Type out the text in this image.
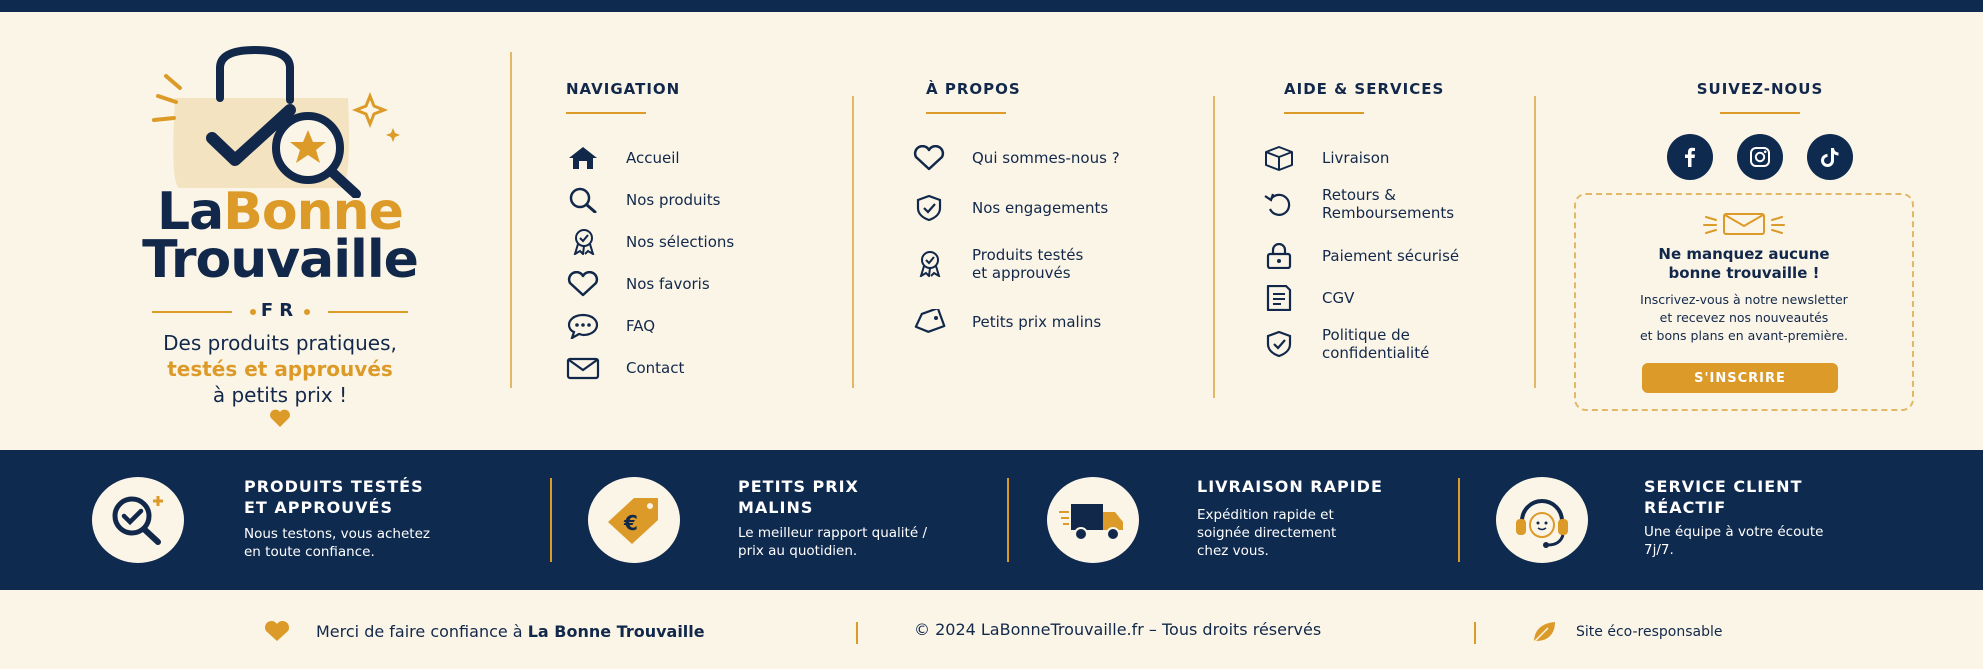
LaBonne
Trouvaille
FR
Des produits pratiques,
testés et approuvés
à petits prix !
NAVIGATION
Accueil
Nos produits
Nos sélections
Nos favoris
FAQ
Contact
À PROPOS
Qui sommes-nous ?
Nos engagements
Produits testés
et approuvés
Petits prix malins
AIDE & SERVICES
Livraison
Retours &
Remboursements
Paiement sécurisé
CGV
Politique de
confidentialité
SUIVEZ-NOUS
Ne manquez aucune
bonne trouvaille !
Inscrivez-vous à notre newsletter
et recevez nos nouveautés
et bons plans en avant-première.
S'INSCRIRE
PRODUITS TESTÉS
ET APPROUVÉS
Nous testons, vous achetez
en toute confiance.
€
PETITS PRIX
MALINS
Le meilleur rapport qualité /
prix au quotidien.
LIVRAISON RAPIDE
Expédition rapide et
soignée directement
chez vous.
SERVICE CLIENT
RÉACTIF
Une équipe à votre écoute
7j/7.
Merci de faire confiance à
La Bonne Trouvaille	© 2024 LaBonneTrouvaille.fr – Tous droits réservés	Site éco-responsable
